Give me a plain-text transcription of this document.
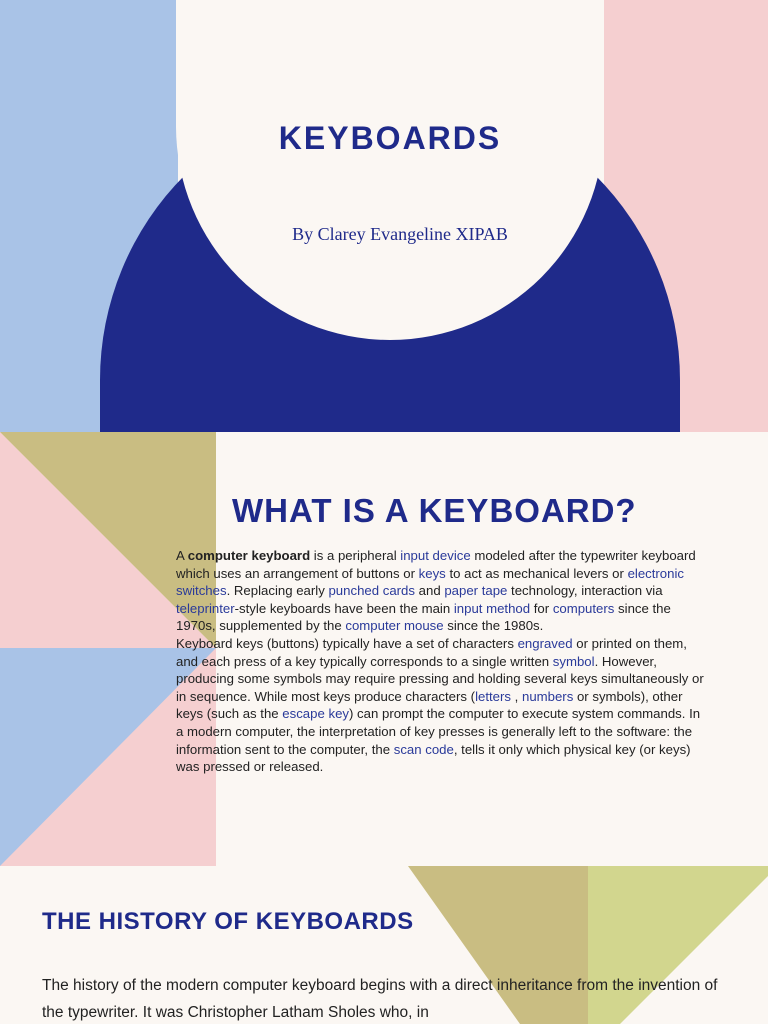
KEYBOARDS
By Clarey Evangeline XIPAB
WHAT IS A KEYBOARD?
A computer keyboard is a peripheral input device modeled after the typewriter keyboard which uses an arrangement of buttons or keys to act as mechanical levers or electronic switches. Replacing early punched cards and paper tape technology, interaction via teleprinter-style keyboards have been the main input method for computers since the 1970s, supplemented by the computer mouse since the 1980s.
Keyboard keys (buttons) typically have a set of characters engraved or printed on them, and each press of a key typically corresponds to a single written symbol. However, producing some symbols may require pressing and holding several keys simultaneously or in sequence. While most keys produce characters (letters , numbers or symbols), other keys (such as the escape key) can prompt the computer to execute system commands. In a modern computer, the interpretation of key presses is generally left to the software: the information sent to the computer, the scan code, tells it only which physical key (or keys) was pressed or released.
THE HISTORY OF KEYBOARDS
The history of the modern computer keyboard begins with a direct inheritance from the invention of the typewriter. It was Christopher Latham Sholes who, in
